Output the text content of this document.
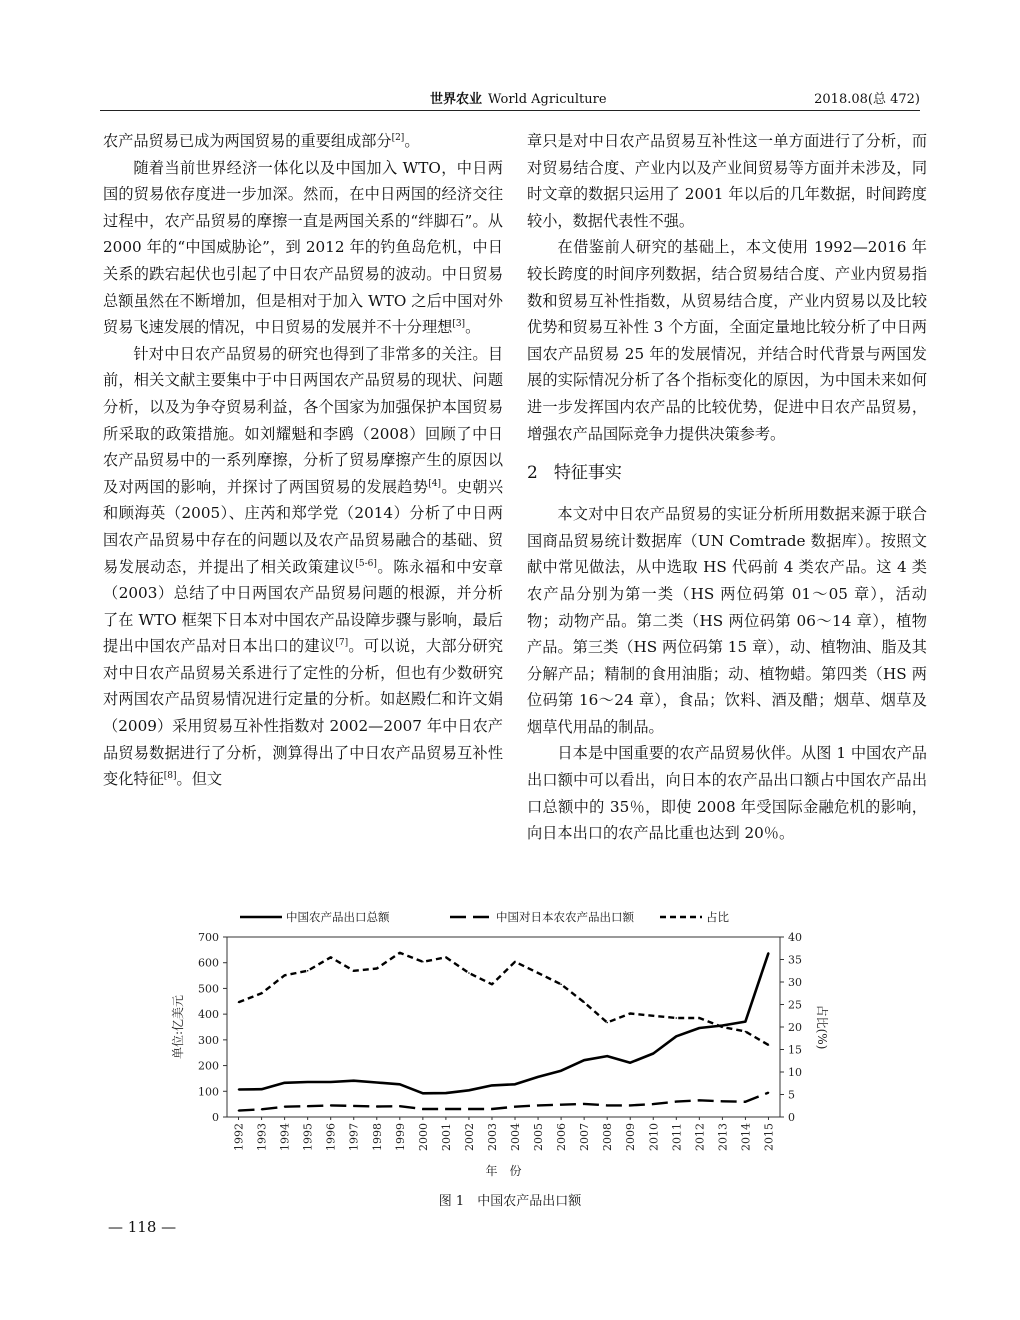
世界农业 World Agriculture	2018.08(总 472)

农产品贸易已成为两国贸易的重要组成部分[2]。

随着当前世界经济一体化以及中国加入 WTO，中日两国的贸易依存度进一步加深。然而，在中日两国的经济交往过程中，农产品贸易的摩擦一直是两国关系的“绊脚石”。从 2000 年的“中国威胁论”，到 2012 年的钓鱼岛危机，中日关系的跌宕起伏也引起了中日农产品贸易的波动。中日贸易总额虽然在不断增加，但是相对于加入 WTO 之后中国对外贸易飞速发展的情况，中日贸易的发展并不十分理想[3]。

针对中日农产品贸易的研究也得到了非常多的关注。目前，相关文献主要集中于中日两国农产品贸易的现状、问题分析，以及为争夺贸易利益，各个国家为加强保护本国贸易所采取的政策措施。如刘耀魁和李鸥（2008）回顾了中日农产品贸易中的一系列摩擦，分析了贸易摩擦产生的原因以及对两国的影响，并探讨了两国贸易的发展趋势[4]。史朝兴和顾海英（2005）、庄芮和郑学党（2014）分析了中日两国农产品贸易中存在的问题以及农产品贸易融合的基础、贸易发展动态，并提出了相关政策建议[5-6]。陈永福和中安章（2003）总结了中日两国农产品贸易问题的根源，并分析了在 WTO 框架下日本对中国农产品设障步骤与影响，最后提出中国农产品对日本出口的建议[7]。可以说，大部分研究对中日农产品贸易关系进行了定性的分析，但也有少数研究对两国农产品贸易情况进行定量的分析。如赵殿仁和许文娟（2009）采用贸易互补性指数对 2002—2007 年中日农产品贸易数据进行了分析，测算得出了中日农产品贸易互补性变化特征[8]。但文

章只是对中日农产品贸易互补性这一单方面进行了分析，而对贸易结合度、产业内以及产业间贸易等方面并未涉及，同时文章的数据只运用了 2001 年以后的几年数据，时间跨度较小，数据代表性不强。

在借鉴前人研究的基础上，本文使用 1992—2016 年较长跨度的时间序列数据，结合贸易结合度、产业内贸易指数和贸易互补性指数，从贸易结合度，产业内贸易以及比较优势和贸易互补性 3 个方面，全面定量地比较分析了中日两国农产品贸易 25 年的发展情况，并结合时代背景与两国发展的实际情况分析了各个指标变化的原因，为中国未来如何进一步发挥国内农产品的比较优势，促进中日农产品贸易，增强农产品国际竞争力提供决策参考。

2 特征事实

本文对中日农产品贸易的实证分析所用数据来源于联合国商品贸易统计数据库（UN Comtrade 数据库）。按照文献中常见做法，从中选取 HS 代码前 4 类农产品。这 4 类农产品分别为第一类（HS 两位码第 01～05 章），活动物；动物产品。第二类（HS 两位码第 06～14 章），植物产品。第三类（HS 两位码第 15 章），动、植物油、脂及其分解产品；精制的食用油脂；动、植物蜡。第四类（HS 两位码第 16～24 章），食品；饮料、酒及醋；烟草、烟草及烟草代用品的制品。

日本是中国重要的农产品贸易伙伴。从图 1 中国农产品出口额中可以看出，向日本的农产品出口额占中国农产品出口总额中的 35％，即使 2008 年受国际金融危机的影响，向日本出口的农产品比重也达到 20％。

中国农产品出口总额	中国对日本农农产品出口额	占比
0
100
200
300
400
500
600
700
0
5
10
15
20
25
30
35
40
1992 1993 1994 1995 1996 1997 1998 1999 2000 2001 2002 2003 2004 2005 2006 2007 2008 2009 2010 2011 2012 2013 2014 2015
单位:亿美元	占比(%)
年　份
图 1　中国农产品出口额
— 118 —
